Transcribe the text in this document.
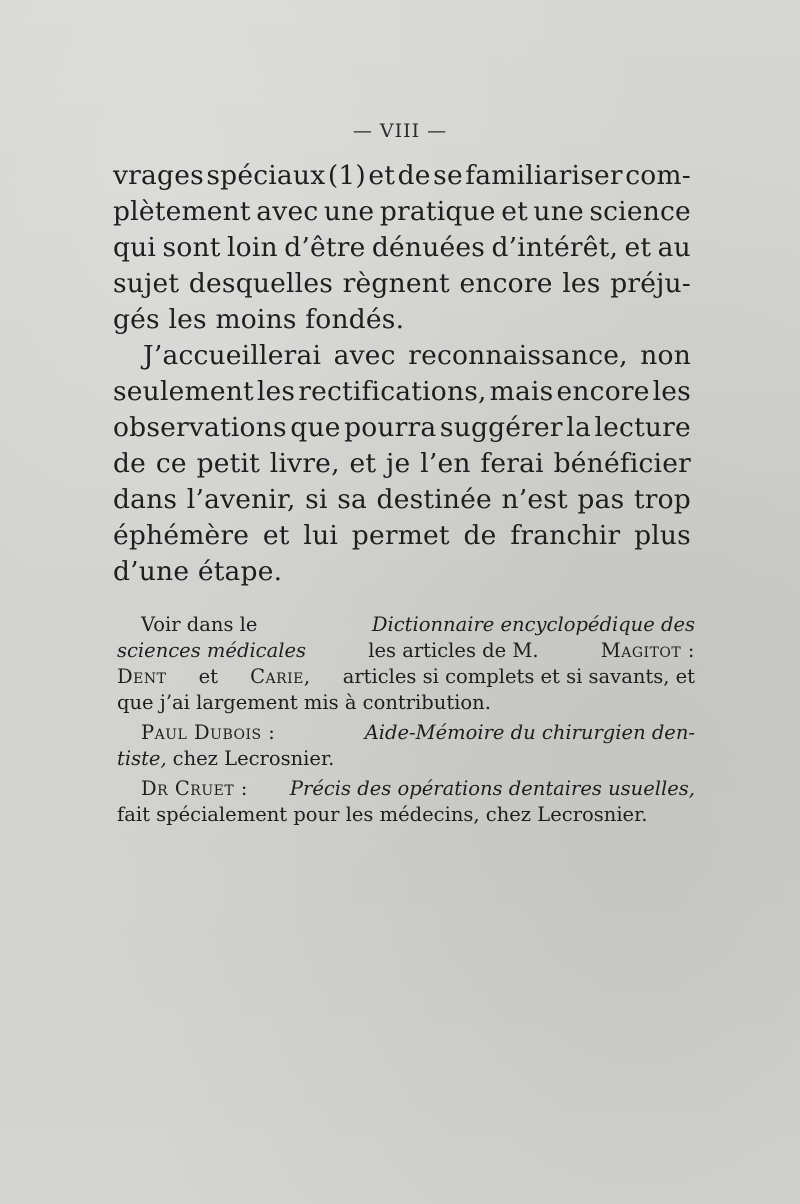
— VIII —
vrages spéciaux (1) et de se familiariser com-
plètement avec une pratique et une science
qui sont loin d’être dénuées d’intérêt, et au
sujet desquelles règnent encore les préju-
gés les moins fondés.
J’accueillerai avec reconnaissance, non
seulement les rectifications, mais encore les
observations que pourra suggérer la lecture
de ce petit livre, et je l’en ferai bénéficier
dans l’avenir, si sa destinée n’est pas trop
éphémère et lui permet de franchir plus
d’une étape.
Voir dans le	Dictionnaire encyclopédique des
sciences médicales	les articles de M.	Magitot :
Dent et Carie, articles si complets et si savants, et
que j’ai largement mis à contribution.
Paul Dubois :	Aide-Mémoire du chirurgien den-
tiste, chez Lecrosnier.
Dr Cruet : Précis des opérations dentaires usuelles,
fait spécialement pour les médecins, chez Lecrosnier.
